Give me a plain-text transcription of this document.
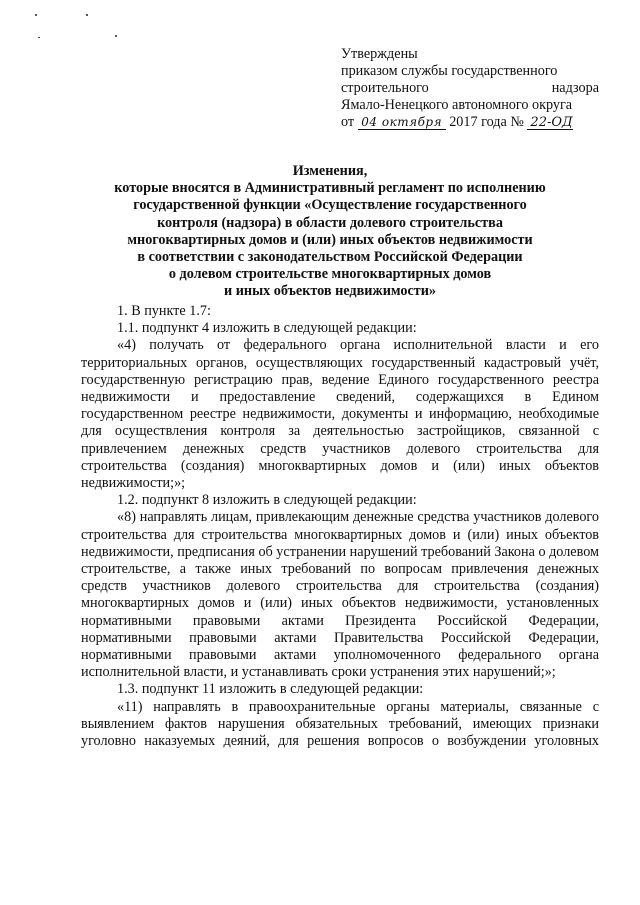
Утверждены
приказом службы государственного
строительного	надзора
Ямало-Ненецкого автономного округа
от 04 октября 2017 года № 22-ОД
Изменения,
которые вносятся в Административный регламент по исполнению
государственной функции «Осуществление государственного
контроля (надзора) в области долевого строительства
многоквартирных домов и (или) иных объектов недвижимости
в соответствии с законодательством Российской Федерации
о долевом строительстве многоквартирных домов
и иных объектов недвижимости»

1. В пункте 1.7:

1.1. подпункт 4 изложить в следующей редакции:

«4) получать от федерального органа исполнительной власти и его территориальных органов, осуществляющих государственный кадастровый учёт, государственную регистрацию прав, ведение Единого государственного реестра недвижимости и предоставление сведений, содержащихся в Едином государственном реестре недвижимости, документы и информацию, необходимые для осуществления контроля за деятельностью застройщиков, связанной с привлечением денежных средств участников долевого строительства для строительства (создания) многоквартирных домов и (или) иных объектов недвижимости;»;

1.2. подпункт 8 изложить в следующей редакции:

«8) направлять лицам, привлекающим денежные средства участников долевого строительства для строительства многоквартирных домов и (или) иных объектов недвижимости, предписания об устранении нарушений требований Закона о долевом строительстве, а также иных требований по вопросам привлечения денежных средств участников долевого строительства для строительства (создания) многоквартирных домов и (или) иных объектов недвижимости, установленных нормативными правовыми актами Президента Российской Федерации, нормативными правовыми актами Правительства Российской Федерации, нормативными правовыми актами уполномоченного федерального органа исполнительной власти, и устанавливать сроки устранения этих нарушений;»;

1.3. подпункт 11 изложить в следующей редакции:

«11) направлять в правоохранительные органы материалы, связанные с выявлением фактов нарушения обязательных требований, имеющих признаки уголовно наказуемых деяний, для решения вопросов о возбуждении уголовных
